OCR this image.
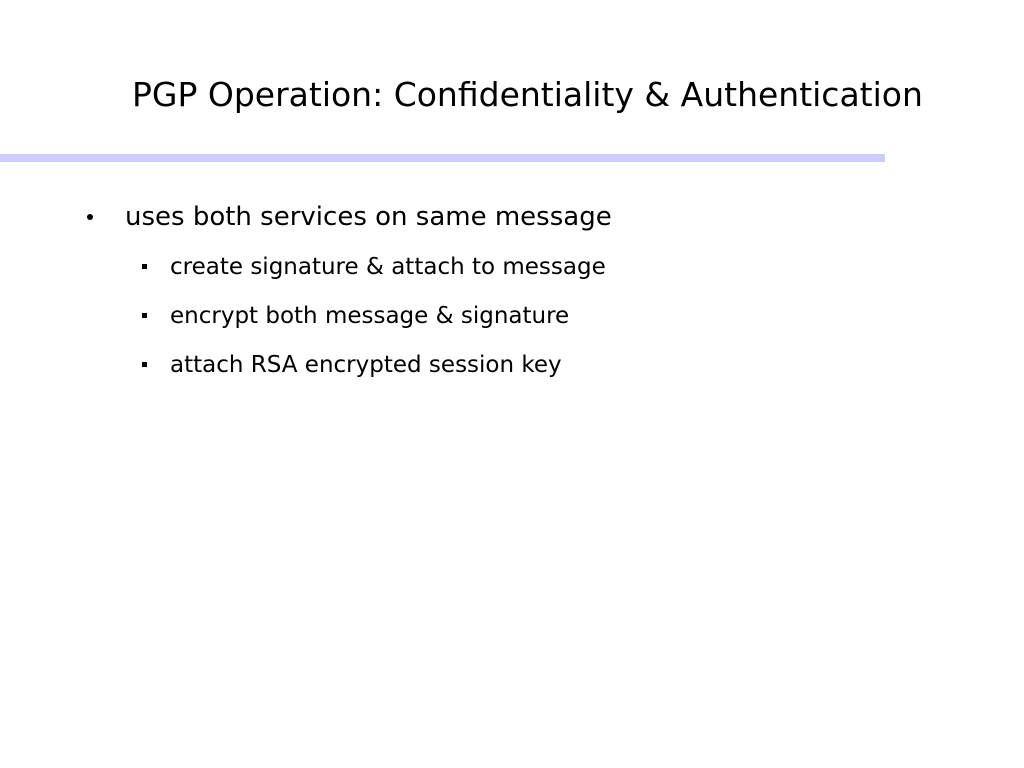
PGP Operation: Confidentiality & Authentication
uses both services on same message
create signature & attach to message
encrypt both message & signature
attach RSA encrypted session key
